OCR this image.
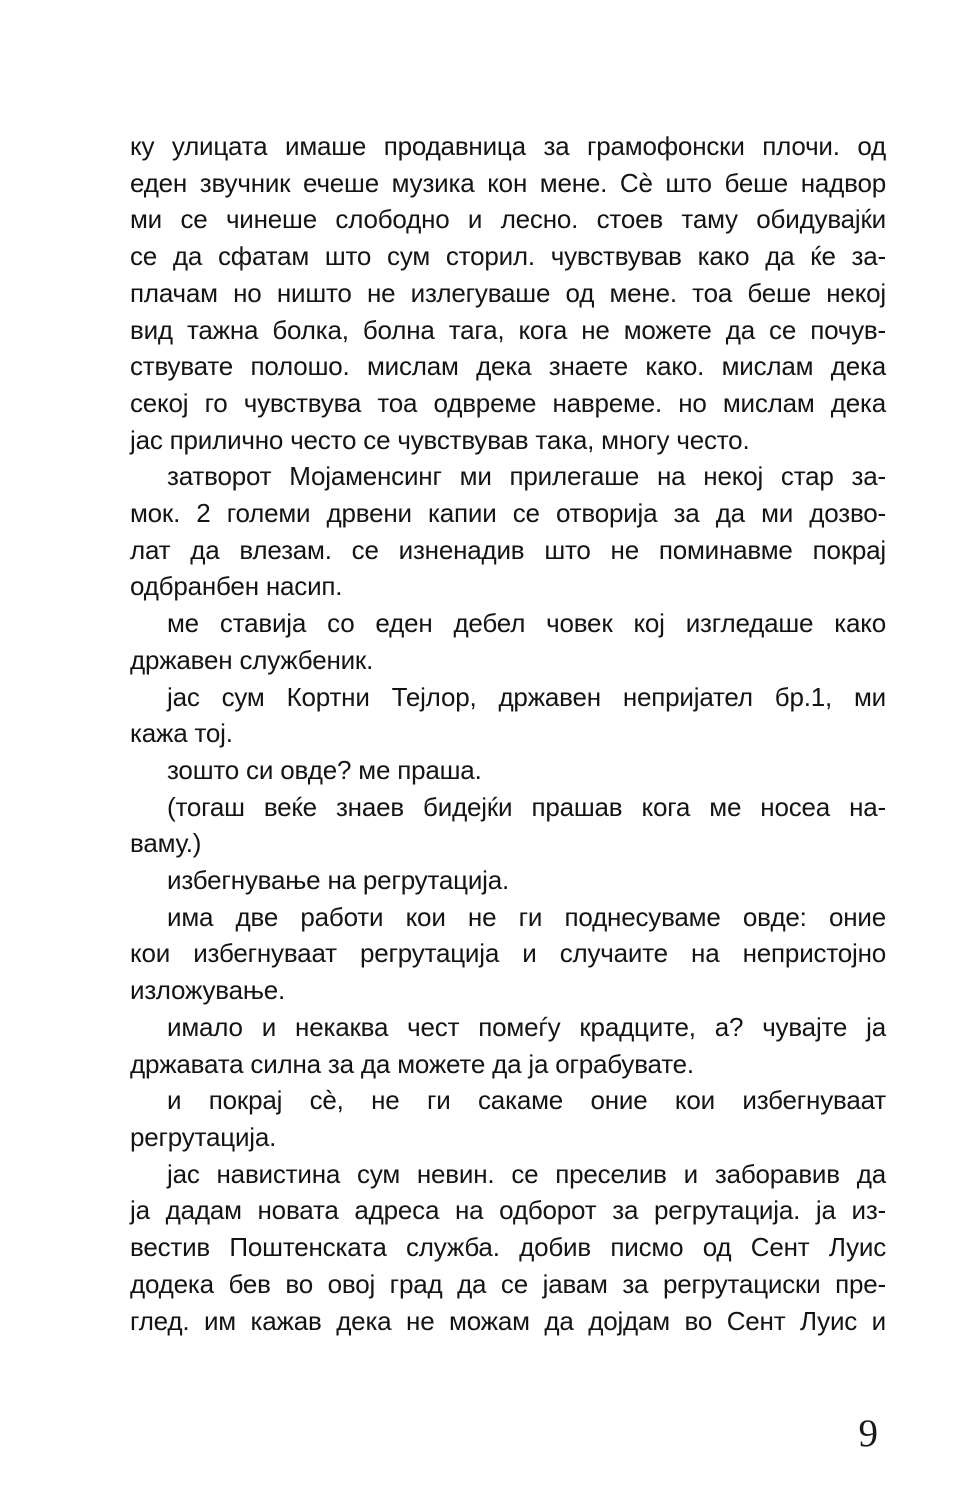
ку улицата имаше продавница за грамофонски плочи. од
еден звучник ечеше музика кон мене. Сѐ што беше надвор
ми се чинеше слободно и лесно. стоев таму обидувајќи
се да сфатам што сум сторил. чувствував како да ќе за-
плачам но ништо не излегуваше од мене. тоа беше некој
вид тажна болка, болна тага, кога не можете да се почув-
ствувате полошо. мислам дека знаете како. мислам дека
секој го чувствува тоа одвреме навреме. но мислам дека
јас прилично често се чувствував така, многу често.
затворот Мојаменсинг ми прилегаше на некој стар за-
мок. 2 големи дрвени капии се отворија за да ми дозво-
лат да влезам. се изненадив што не поминавме покрај
одбранбен насип.
ме ставија со еден дебел човек кој изгледаше како
државен службеник.
јас сум Кортни Тејлор, државен непријател бр.1, ми
кажа тој.
зошто си овде? ме праша.
(тогаш веќе знаев бидејќи прашав кога ме носеа на-
ваму.)
избегнување на регрутација.
има две работи кои не ги поднесуваме овде: оние
кои избегнуваат регрутација и случаите на непристојно
изложување.
имало и некаква чест помеѓу крадците, а? чувајте ја
државата силна за да можете да ја ограбувате.
и покрај сѐ, не ги сакаме оние кои избегнуваат
регрутација.
јас навистина сум невин. се преселив и заборавив да
ја дадам новата адреса на одборот за регрутација. ја из-
вестив Поштенската служба. добив писмо од Сент Луис
додека бев во овој град да се јавам за регрутациски пре-
глед. им кажав дека не можам да дојдам во Сент Луис и
9
